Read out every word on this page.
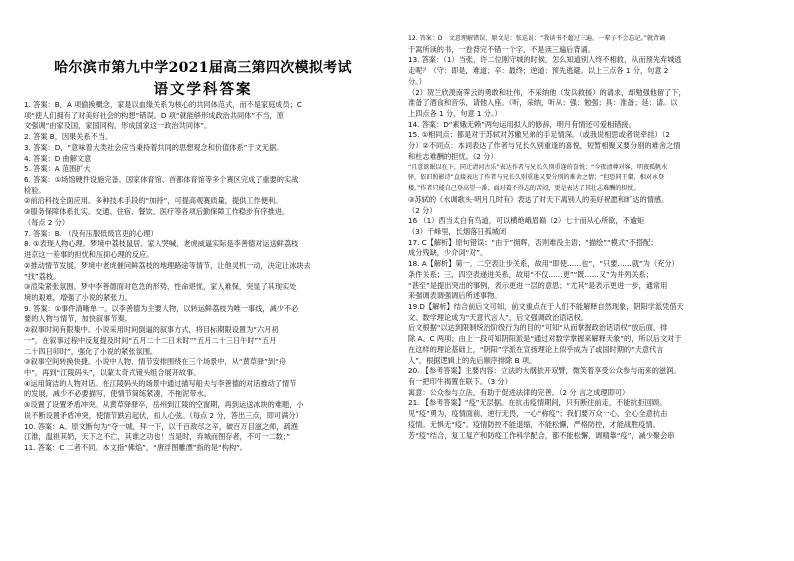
哈尔滨市第九中学2021届高三第四次模拟考试
语文学科答案
1. 答案：B，A 项偷换概念，家是以血缘关系为核心的共同体范式，而不是家庭成员；C
项“使人们拥有了对美好社会的构想”错误。D 项“就能够形成政治共同体”不当，原
文强调“由家及国，家国同构，形成国家这一政治共同体”。
2. 答案 B，因果关系不当。
3. 答案：D，“意味着大类社会应当秉持着共同的思想观念和价值体系”于文无据。
4. 答案：D 曲解文意
5. 答案：A 范围扩大
6. 答案：①场馆硬件设施完备。国家体育馆、首都体育馆等多个赛区完成了重要的实战
检验。
②前沿科技全面应用。多种技术手段的“加持”，可提高观赛质量，提供工作便利。
③服务保障体系扎实。交通、住宿、餐饮、医疗等各项后勤保障工作稳步有序推进。
（每点 2 分）
7. 答案：B. （没有压服低级官吏的心理）
8. ①表现人物心理。梦境中荔枝鼠居、家人哭喊、老虎威逼实际是李善德对运送鲜荔枝
进京这一差事的担忧和压抑心理的反应。
②推动情节发展。梦境中老虎催问鲜荔枝的地理路途等情节，让他灵机一动，决定让冰块去
“找”荔枝。
③渲染紧张氛围。梦中李善德面对危急的形势，性命堪忧，家人难保，突显了其现实处
境的艰难，增强了小说的紧张力。
9. 答案：①事件清晰单一。以李善德为主要人物，以转运鲜荔枝为唯一事线，减少不必
要的人物与情节，加快叙事节奏。
②叙事时间有限集中。小说采用时间倒逼的叙事方式，将目标期限设置为“六月初
一”，在叙事过程中反复提及时间“五月二十二日未时”“五月二十三日午时”“五月
二十四日卯时”，强化了小说的紧张氛围。
③叙事空间转换快捷。小说中人物、情节安排围绕在三个场景中，从“黄草驿”到“舟
中”，再到“江陵码头”，以蒙太奇式镜头组合展开故事。
④运用简洁的人物对话。在江陵码头的场景中通过描写船夫与李善德的对话推动了情节
的发展，减少不必要描写，使情节简练紧凑，不拖泥带水。
⑤设置了设置矛盾冲突。从黄草驿驿卒，岳州到江陵的空窗期，再到运送冰块的难题，小
说不断设置矛盾冲突，使情节跌宕起伏，扣人心弦。（每点 2 分，答出三点，即可满分）
10. 答案：A。原文断句为“夺一城，拜一下，以千百敌尽之辛，破百万目滋之师，疏渔
江淮，温袒其奶，天下之不亡，其谁之功也！当是时，弃城而图存者，不可一二数；”
11. 答案：C 二者不同。本文指“佛焰”，“唐浮图雕漂”指的是“构构”。
12. 答案：D　文意理解错误，原文是：张巡说：“我读书不超过三遍，一辈子不会忘记。”就背诵
于嵩所读的书，一卷背完不错一个字，不是读三遍后背诵。
13. 答案：（1）当张、许二位刚守城的时候，怎么知道别人终不相救，从而预先弃城逃
走呢？（守：即是，难道；辛：最终；逆道：预先逃避。以上三点各 1 分，句意 2
分。）
（2）贺兰欣羡南霁云的勇敢和壮伟，不采纳他（发兵救援）的请求，却勉强他留了下，
准备了酒食和音乐，请他入座。（听，采纳，听从；强：勉强；具：准备；延：请。以
上四点各 1 分，句意 1 分。）
14. 答案：D“素娥无赖”两句运用拟人的修辞，明月有情还可爱相错接。
15. ①相同点：都是对于苏轼对苏辙兄弟的手足情深。（或我说相思或者说牵挂）（2
分）②不同点：本词表达了作者与兄长久别重逢的喜悦，短暂相聚又要分别的难舍之情
和杜志难酬的担忧。（2 分）
“且意欲眠以在下，同迁清河古乐”表达作者与兄长久别重逢的喜悦；“今夜清尊对客，明夜孤帆水
驿，依旧照影诗”直接表达了作者与兄长久别重逢又要分别的难舍之情；“但恐同王粲，相对永登
楼。”作者只能自己登高望一番，面对着不得志的苦闷，更是表达了其壮志难酬的担忧。
③苏轼的《水调歌头·明月几时有》表达了对天下离别人的美好祝愿和旷达的情感。
（2 分）
16 （1）西当太白有鸟道，可以横绝峨眉巅（2）七十而从心所欲，不逾矩
（3）千峰里，长烟落日孤城闭
17. C【解析】原句错误：“由于”拥辉，否则难没主语；“描绘”“模式”不搭配；
成分残缺，少介词“对”。
18. A【解析】第一，二空表让步关系，故用“即使……也”，“只要……就”为（充分）
条件关系；三，四空表递进关系，故用“不仅……更”“既……又”为并列关系；
“甚至”是提出突出的事例，表示更进一层的意思；“尤其”是表示更进一步，通常用
来强调表调强调后所述事物。
19.D【解析】结合前后文可知，前文重点在于人们不能解释自然现象，阴阳学派凭借天
文、数学理论成为“天意代言人”，后文强调政治语话权。
后文根据“以达到限制统治阶级行为的目的”可知“从而掌握政治话语权”放后面，排
除 A、C 两项；由上一段可知阴阳派是“通过对数学掌握来解释天象”的，所以后文对于
在这样的理论基础上，“阴阳”学派在宣扬理论上似乎成为了或国时期的“天意代言
人”，根据逻辑上的先后顺序排除 B 项。
20. 【参考答案】主要内容：立法的大纲依开双臂，微笑着享受公众参与而来的滋润。
有一把印牛揭置在联下。（3 分）
寓意：公众参与立法，有助于促进法律的完善。（2 分 言之成理即可）
21. 【参考答案】“疫”无层据。在抗击疫情期间，只有断往前走，不能抗拒回顾。
见“疫”勇为，疫情面前，逆行无畏，一心“称疫”；我们要万众一心、全心全意抗击
疫情。无惧无“疫”。疫情防控不能退缩，不能松懈，严格防控，才能战胜疫情。
芳“疫”结合，复工复产和防疫工作科学配合，都不能松懈，调精靠“疫”，减少聚会串
